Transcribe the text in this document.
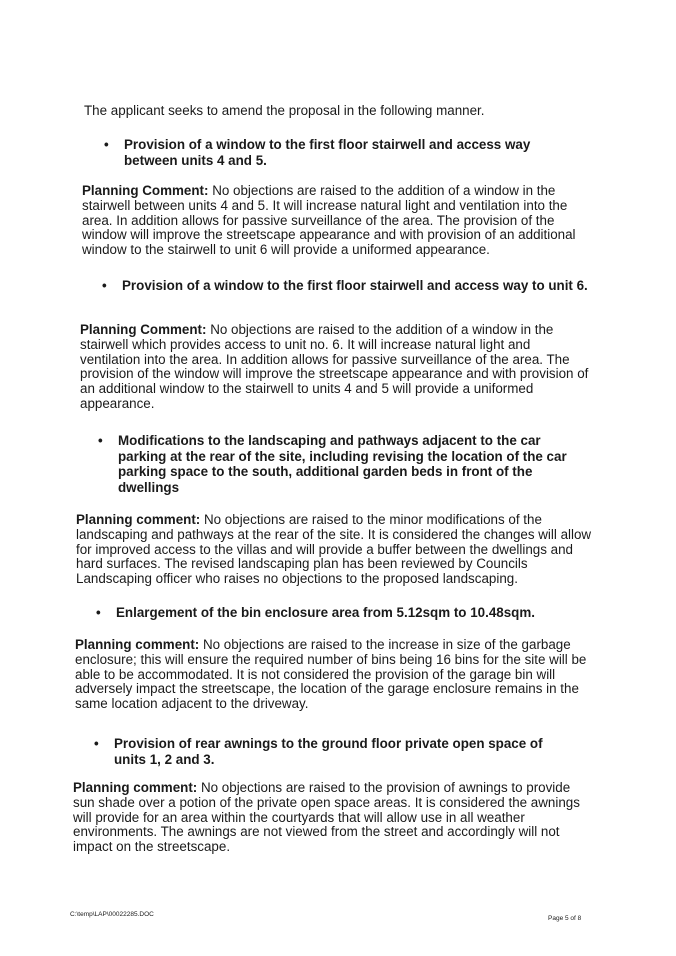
The applicant seeks to amend the proposal in the following manner.
•	Provision of a window to the first floor stairwell and access way between units 4 and 5.
Planning Comment: No objections are raised to the addition of a window in the stairwell between units 4 and 5. It will increase natural light and ventilation into the area. In addition allows for passive surveillance of the area. The provision of the window will improve the streetscape appearance and with provision of an additional window to the stairwell to unit 6 will provide a uniformed appearance.
•	Provision of a window to the first floor stairwell and access way to unit 6.
Planning Comment: No objections are raised to the addition of a window in the stairwell which provides access to unit no. 6. It will increase natural light and ventilation into the area. In addition allows for passive surveillance of the area. The provision of the window will improve the streetscape appearance and with provision of an additional window to the stairwell to units 4 and 5 will provide a uniformed appearance.
•	Modifications to the landscaping and pathways adjacent to the car parking at the rear of the site, including revising the location of the car parking space to the south, additional garden beds in front of the dwellings
Planning comment: No objections are raised to the minor modifications of the landscaping and pathways at the rear of the site. It is considered the changes will allow for improved access to the villas and will provide a buffer between the dwellings and hard surfaces. The revised landscaping plan has been reviewed by Councils Landscaping officer who raises no objections to the proposed landscaping.
•	Enlargement of the bin enclosure area from 5.12sqm to 10.48sqm.
Planning comment: No objections are raised to the increase in size of the garbage enclosure; this will ensure the required number of bins being 16 bins for the site will be able to be accommodated. It is not considered the provision of the garage bin will adversely impact the streetscape, the location of the garage enclosure remains in the same location adjacent to the driveway.
•	Provision of rear awnings to the ground floor private open space of units 1, 2 and 3.
Planning comment: No objections are raised to the provision of awnings to provide sun shade over a potion of the private open space areas. It is considered the awnings will provide for an area within the courtyards that will allow use in all weather environments. The awnings are not viewed from the street and accordingly will not impact on the streetscape.
C:\temp\LAP\00022285.DOC
Page 5 of 8
